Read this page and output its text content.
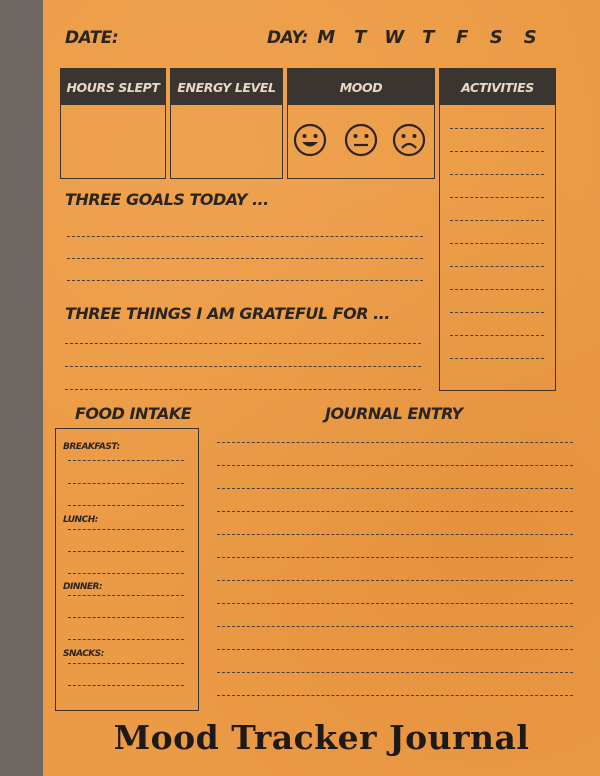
DATE:	DAY: M	T	W	T	F	S	S
HOURS SLEPT	ENERGY LEVEL	MOOD	ACTIVITIES
THREE GOALS TODAY ...
THREE THINGS I AM GRATEFUL FOR ...
FOOD INTAKE
BREAKFAST:
LUNCH:
DINNER:
SNACKS:
JOURNAL ENTRY
Mood Tracker Journal
